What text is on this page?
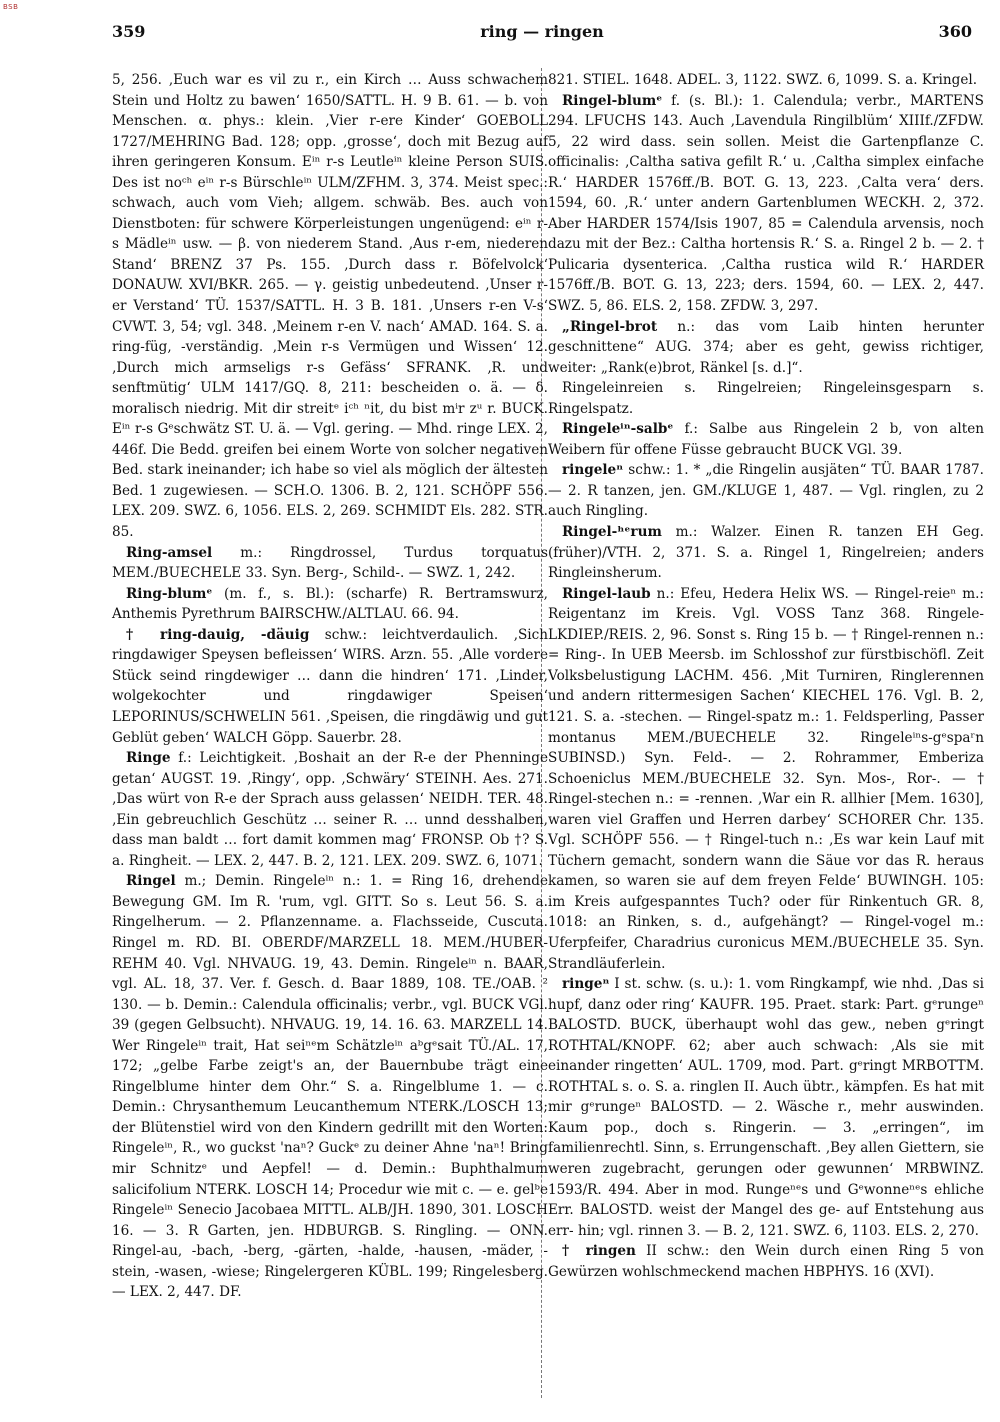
BSB
359	ring — ringen	360

5, 256. ‚Euch war es vil zu r., ein Kirch … Auss schwachem Stein und Holtz zu bawen‘ 1650/SATTL. H. 9 B. 61. — b. von Menschen. α. phys.: klein. ‚Vier r-ere Kinder‘ GOEBOLL 1727/MEHRING Bad. 128; opp. ‚grosse‘, doch mit Bezug auf ihren geringeren Konsum. Eⁱⁿ r-s Leutleⁱⁿ kleine Person SUIS. Des ist noᶜʰ eⁱⁿ r-s Bürschleⁱⁿ ULM/ZFHM. 3, 374. Meist spec.: schwach, auch vom Vieh; allgem. schwäb. Bes. auch von Dienstboten: für schwere Körperleistungen ungenügend: eⁱⁿ r-s Mädleⁱⁿ usw. — β. von niederem Stand. ‚Aus r-em, niederen Stand‘ BRENZ 37 Ps. 155. ‚Durch dass r. Böfelvolck‘ DONAUW. XVI/BKR. 265. — γ. geistig unbedeutend. ‚Unser r-er Verstand‘ TÜ. 1537/SATTL. H. 3 B. 181. ‚Unsers r-en V-s‘ CVWT. 3, 54; vgl. 348. ‚Meinem r-en V. nach‘ AMAD. 164. S. a. ring-füg, -verständig. ‚Mein r-s Vermügen und Wissen‘ 12. ‚Durch mich armseligs r-s Gefäss‘ SFRANK. ‚R. und senftmütig‘ ULM 1417/GQ. 8, 211: bescheiden o. ä. — δ. moralisch niedrig. Mit dir streitᵉ iᶜʰ ⁿit, du bist mⁱr zᵘ r. BUCK. Eⁱⁿ r-s Gᵉschwätz ST. U. ä. — Vgl. gering. — Mhd. ringe LEX. 2, 446f. Die Bedd. greifen bei einem Worte von solcher negativen Bed. stark ineinander; ich habe so viel als möglich der ältesten Bed. 1 zugewiesen. — SCH.O. 1306. B. 2, 121. SCHÖPF 556. LEX. 209. SWZ. 6, 1056. ELS. 2, 269. SCHMIDT Els. 282. STR. 85.

Ring-amsel m.: Ringdrossel, Turdus torquatus MEM./BUECHELE 33. Syn. Berg-, Schild-. — SWZ. 1, 242.

Ring-blumᵉ (m. f., s. Bl.): (scharfe) R. Bertramswurz, Anthemis Pyrethrum BAIRSCHW./ALTLAU. 66. 94.

† ring-dauig, -däuig schw.: leichtverdaulich. ‚Sich ringdawiger Speysen befleissen‘ WIRS. Arzn. 55. ‚Alle vordere Stück seind ringdewiger … dann die hindren‘ 171. ‚Linder, wolgekochter und ringdawiger Speisen‘ LEPORINUS/SCHWELIN 561. ‚Speisen, die ringdäwig und gut Geblüt geben‘ WALCH Göpp. Sauerbr. 28.

Ringe f.: Leichtigkeit. ‚Boshait an der R-e der Phenninge getan‘ AUGST. 19. ‚Ringy‘, opp. ‚Schwäry‘ STEINH. Aes. 271. ‚Das würt von R-e der Sprach auss gelassen‘ NEIDH. TER. 48. ‚Ein gebreuchlich Geschütz … seiner R. … unnd desshalben, dass man baldt … fort damit kommen mag‘ FRONSP. Ob †? S. a. Ringheit. — LEX. 2, 447. B. 2, 121. LEX. 209. SWZ. 6, 1071.

Ringel m.; Demin. Ringeleⁱⁿ n.: 1. = Ring 16, drehende Bewegung GM. Im R. 'rum, vgl. GITT. So s. Leut 56. S. a. Ringelherum. — 2. Pflanzenname. a. Flachsseide, Cuscuta. Ringel m. RD. BI. OBERDF/MARZELL 18. MEM./HUBER-REHM 40. Vgl. NHVAUG. 19, 43. Demin. Ringeleⁱⁿ n. BAAR, vgl. AL. 18, 37. Ver. f. Gesch. d. Baar 1889, 108. TE./OAB. ² 130. — b. Demin.: Calendula officinalis; verbr., vgl. BUCK VGl. 39 (gegen Gelbsucht). NHVAUG. 19, 14. 16. 63. MARZELL 14. Wer Ringeleⁱⁿ trait, Hat seiⁿᵉm Schätzleⁱⁿ aᵇgᵉsait TÜ./AL. 17, 172; „gelbe Farbe zeigt's an, der Bauernbube trägt eine Ringelblume hinter dem Ohr.“ S. a. Ringelblume 1. — c. Demin.: Chrysanthemum Leucanthemum NTERK./LOSCH 13; der Blütenstiel wird von den Kindern gedrillt mit den Worten: Ringeleⁱⁿ, R., wo guckst 'naⁿ? Guckᵉ zu deiner Ahne 'naⁿ! Bring mir Schnitzᵉ und Aepfel! — d. Demin.: Buphthalmum salicifolium NTERK. LOSCH 14; Procedur wie mit c. — e. gelᵇe Ringeleⁱⁿ Senecio Jacobaea MITTL. ALB/JH. 1890, 301. LOSCH 16. — 3. R Garten, jen. HDBURGB. S. Ringling. — ONN. Ringel-au, -bach, -berg, -gärten, -halde, -hausen, -mäder, -stein, -wasen, -wiese; Ringelergeren KÜBL. 199; Ringelesberg. — LEX. 2, 447. DF.

821. STIEL. 1648. ADEL. 3, 1122. SWZ. 6, 1099. S. a. Kringel.

Ringel-blumᵉ f. (s. Bl.): 1. Calendula; verbr., MARTENS 294. LFUCHS 143. Auch ‚Lavendula Ringilblüm‘ XIIIf./ZFDW. 5, 22 wird dass. sein sollen. Meist die Gartenpflanze C. officinalis: ‚Caltha sativa gefilt R.‘ u. ‚Caltha simplex einfache R.‘ HARDER 1576ff./B. BOT. G. 13, 223. ‚Calta vera‘ ders. 1594, 60. ‚R.‘ unter andern Gartenblumen WECKH. 2, 372. Aber HARDER 1574/Isis 1907, 85 = Calendula arvensis, noch dazu mit der Bez.: Caltha hortensis R.‘ S. a. Ringel 2 b. — 2. † Pulicaria dysenterica. ‚Caltha rustica wild R.‘ HARDER 1576ff./B. BOT. G. 13, 223; ders. 1594, 60. — LEX. 2, 447. SWZ. 5, 86. ELS. 2, 158. ZFDW. 3, 297.

„Ringel-brot n.: das vom Laib hinten herunter geschnittene“ AUG. 374; aber es geht, gewiss richtiger, weiter: „Rank(e)brot, Ränkel [s. d.]“.

Ringeleinreien s. Ringelreien; Ringeleinsgesparn s. Ringelspatz.

Ringeleⁱⁿ-salbᵉ f.: Salbe aus Ringelein 2 b, von alten Weibern für offene Füsse gebraucht BUCK VGl. 39.

ringeleⁿ schw.: 1. * „die Ringelin ausjäten“ TÜ. BAAR 1787. — 2. R tanzen, jen. GM./KLUGE 1, 487. — Vgl. ringlen, zu 2 auch Ringling.

Ringel-ʰᵉrum m.: Walzer. Einen R. tanzen EH Geg. (früher)/VTH. 2, 371. S. a. Ringel 1, Ringelreien; anders Ringleinsherum.

Ringel-laub n.: Efeu, Hedera Helix WS. — Ringel-reieⁿ m.: Reigentanz im Kreis. Vgl. VOSS Tanz 368. Ringele- LKDIEP./REIS. 2, 96. Sonst s. Ring 15 b. — † Ringel-rennen n.: = Ring-. In UEB Meersb. im Schlosshof zur fürstbischöfl. Zeit Volksbelustigung LACHM. 456. ‚Mit Turniren, Ringlerennen und andern rittermesigen Sachen‘ KIECHEL 176. Vgl. B. 2, 121. S. a. -stechen. — Ringel-spatz m.: 1. Feldsperling, Passer montanus MEM./BUECHELE 32. Ringeleⁱⁿs-gᵉspaʳn SUBINSD.) Syn. Feld-. — 2. Rohrammer, Emberiza Schoeniclus MEM./BUECHELE 32. Syn. Mos-, Ror-. — † Ringel-stechen n.: = -rennen. ‚War ein R. allhier [Mem. 1630], waren viel Graffen und Herren darbey‘ SCHORER Chr. 135. Vgl. SCHÖPF 556. — † Ringel-tuch n.: ‚Es war kein Lauf mit Tüchern gemacht, sondern wann die Säue vor das R. heraus kamen, so waren sie auf dem freyen Felde‘ BUWINGH. 105: im Kreis aufgespanntes Tuch? oder für Rinkentuch GR. 8, 1018: an Rinken, s. d., aufgehängt? — Ringel-vogel m.: Uferpfeifer, Charadrius curonicus MEM./BUECHELE 35. Syn. Strandläuferlein.

ringeⁿ I st. schw. (s. u.): 1. vom Ringkampf, wie nhd. ‚Das si hupf, danz oder ring‘ KAUFR. 195. Praet. stark: Part. gᵉrungeⁿ BALOSTD. BUCK, überhaupt wohl das gew., neben gᵉringt ROTHTAL/KNOPF. 62; aber auch schwach: ‚Als sie mit einander ringetten‘ AUL. 1709, mod. Part. gᵉringt MRBOTTM. ROTHTAL s. o. S. a. ringlen II. Auch übtr., kämpfen. Es hat mit mir gᵉrungeⁿ BALOSTD. — 2. Wäsche r., mehr auswinden. Kaum pop., doch s. Ringerin. — 3. „erringen“, im familienrechtl. Sinn, s. Errungenschaft. ‚Bey allen Giettern, sie weren zugebracht, gerungen oder gewunnen‘ MRBWINZ. 1593/R. 494. Aber in mod. Rungeⁿᵉs und Gᵉwonneⁿᵉs ehliche Err. BALOSTD. weist der Mangel des ge- auf Entstehung aus err- hin; vgl. rinnen 3. — B. 2, 121. SWZ. 6, 1103. ELS. 2, 270.

† ringen II schw.: den Wein durch einen Ring 5 von Gewürzen wohlschmeckend machen HBPHYS. 16 (XVI).
